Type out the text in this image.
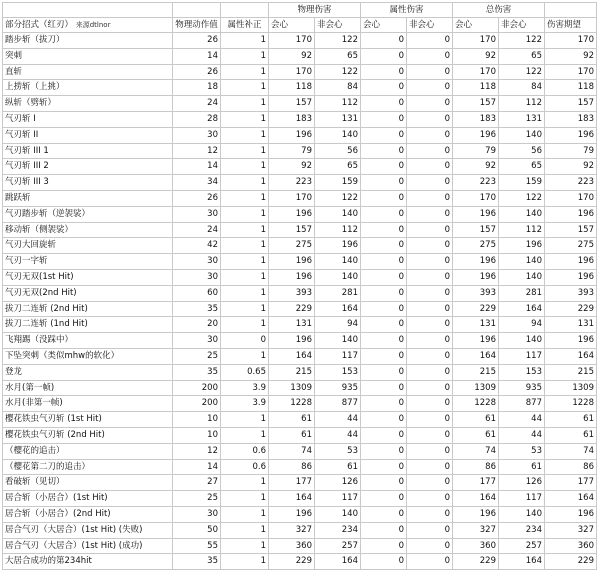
			物理伤害		属性伤害		总伤害		
部分招式（红刃） 来源dtlnor	物理动作值	属性补正	会心	非会心	会心	非会心	会心	非会心	伤害期望
踏步斩（拔刀）	26	1	170	122	0	0	170	122	170
突刺	14	1	92	65	0	0	92	65	92
直斩	26	1	170	122	0	0	170	122	170
上捞斩（上挑）	18	1	118	84	0	0	118	84	118
纵斩（劈斩）	24	1	157	112	0	0	157	112	157
气刃斩 I	28	1	183	131	0	0	183	131	183
气刃斩 II	30	1	196	140	0	0	196	140	196
气刃斩 III 1	12	1	79	56	0	0	79	56	79
气刃斩 III 2	14	1	92	65	0	0	92	65	92
气刃斩 III 3	34	1	223	159	0	0	223	159	223
跳跃斩	26	1	170	122	0	0	170	122	170
气刃踏步斩（逆袈裟）	30	1	196	140	0	0	196	140	196
移动斩（侧袈裟）	24	1	157	112	0	0	157	112	157
气刃大回旋斩	42	1	275	196	0	0	275	196	275
气刃一字斩	30	1	196	140	0	0	196	140	196
气刃无双(1st Hit)	30	1	196	140	0	0	196	140	196
气刃无双(2nd Hit)	60	1	393	281	0	0	393	281	393
拔刀二连斩 (2nd Hit)	35	1	229	164	0	0	229	164	229
拔刀二连斩 (1nd Hit)	20	1	131	94	0	0	131	94	131
飞翔踢（没踩中）	30	0	196	140	0	0	196	140	196
下坠突刺（类似mhw的软化）	25	1	164	117	0	0	164	117	164
登龙	35	0.65	215	153	0	0	215	153	215
水月(第一帧)	200	3.9	1309	935	0	0	1309	935	1309
水月(非第一帧)	200	3.9	1228	877	0	0	1228	877	1228
樱花铁虫气刃斩 (1st Hit)	10	1	61	44	0	0	61	44	61
樱花铁虫气刃斩 (2nd Hit)	10	1	61	44	0	0	61	44	61
（樱花的追击）	12	0.6	74	53	0	0	74	53	74
（樱花第二刀的追击）	14	0.6	86	61	0	0	86	61	86
看破斩（见切）	27	1	177	126	0	0	177	126	177
居合斩（小居合）(1st Hit)	25	1	164	117	0	0	164	117	164
居合斩（小居合）(2nd Hit)	30	1	196	140	0	0	196	140	196
居合气刃（大居合）(1st Hit) (失败)	50	1	327	234	0	0	327	234	327
居合气刃（大居合）(1st Hit) (成功)	55	1	360	257	0	0	360	257	360
大居合成功的第234hit	35	1	229	164	0	0	229	164	229
